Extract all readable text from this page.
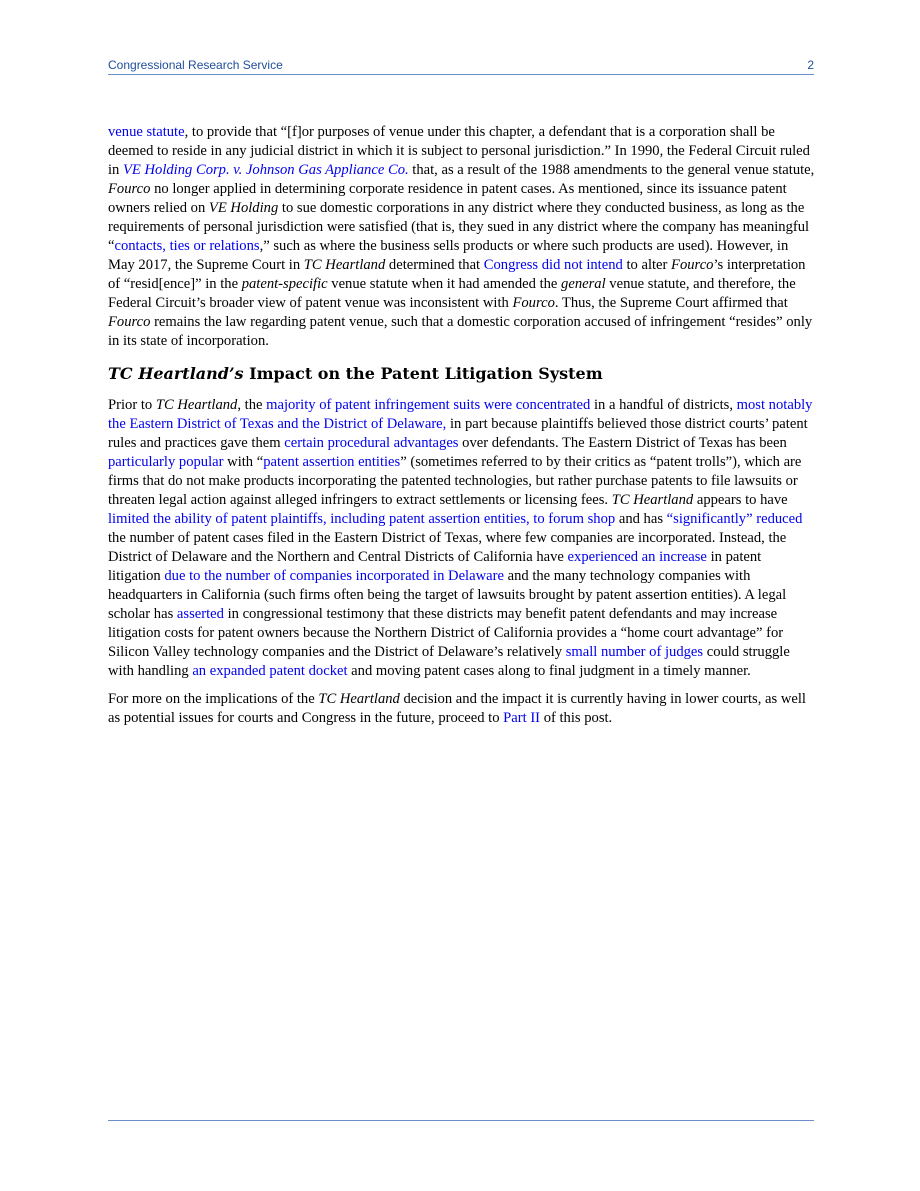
Congressional Research Service	2

venue statute, to provide that “[f]or purposes of venue under this chapter, a defendant that is a corporation shall be deemed to reside in any judicial district in which it is subject to personal jurisdiction.” In 1990, the Federal Circuit ruled in VE Holding Corp. v. Johnson Gas Appliance Co. that, as a result of the 1988 amendments to the general venue statute, Fourco no longer applied in determining corporate residence in patent cases. As mentioned, since its issuance patent owners relied on VE Holding to sue domestic corporations in any district where they conducted business, as long as the requirements of personal jurisdiction were satisfied (that is, they sued in any district where the company has meaningful “contacts, ties or relations,” such as where the business sells products or where such products are used). However, in May 2017, the Supreme Court in TC Heartland determined that Congress did not intend to alter Fourco’s interpretation of “resid[ence]” in the patent-specific venue statute when it had amended the general venue statute, and therefore, the Federal Circuit’s broader view of patent venue was inconsistent with Fourco. Thus, the Supreme Court affirmed that Fourco remains the law regarding patent venue, such that a domestic corporation accused of infringement “resides” only in its state of incorporation.

TC Heartland’s Impact on the Patent Litigation System

Prior to TC Heartland, the majority of patent infringement suits were concentrated in a handful of districts, most notably the Eastern District of Texas and the District of Delaware, in part because plaintiffs believed those district courts’ patent rules and practices gave them certain procedural advantages over defendants. The Eastern District of Texas has been particularly popular with “patent assertion entities” (sometimes referred to by their critics as “patent trolls”), which are firms that do not make products incorporating the patented technologies, but rather purchase patents to file lawsuits or threaten legal action against alleged infringers to extract settlements or licensing fees. TC Heartland appears to have limited the ability of patent plaintiffs, including patent assertion entities, to forum shop and has “significantly” reduced the number of patent cases filed in the Eastern District of Texas, where few companies are incorporated. Instead, the District of Delaware and the Northern and Central Districts of California have experienced an increase in patent litigation due to the number of companies incorporated in Delaware and the many technology companies with headquarters in California (such firms often being the target of lawsuits brought by patent assertion entities). A legal scholar has asserted in congressional testimony that these districts may benefit patent defendants and may increase litigation costs for patent owners because the Northern District of California provides a “home court advantage” for Silicon Valley technology companies and the District of Delaware’s relatively small number of judges could struggle with handling an expanded patent docket and moving patent cases along to final judgment in a timely manner.

For more on the implications of the TC Heartland decision and the impact it is currently having in lower courts, as well as potential issues for courts and Congress in the future, proceed to Part II of this post.
